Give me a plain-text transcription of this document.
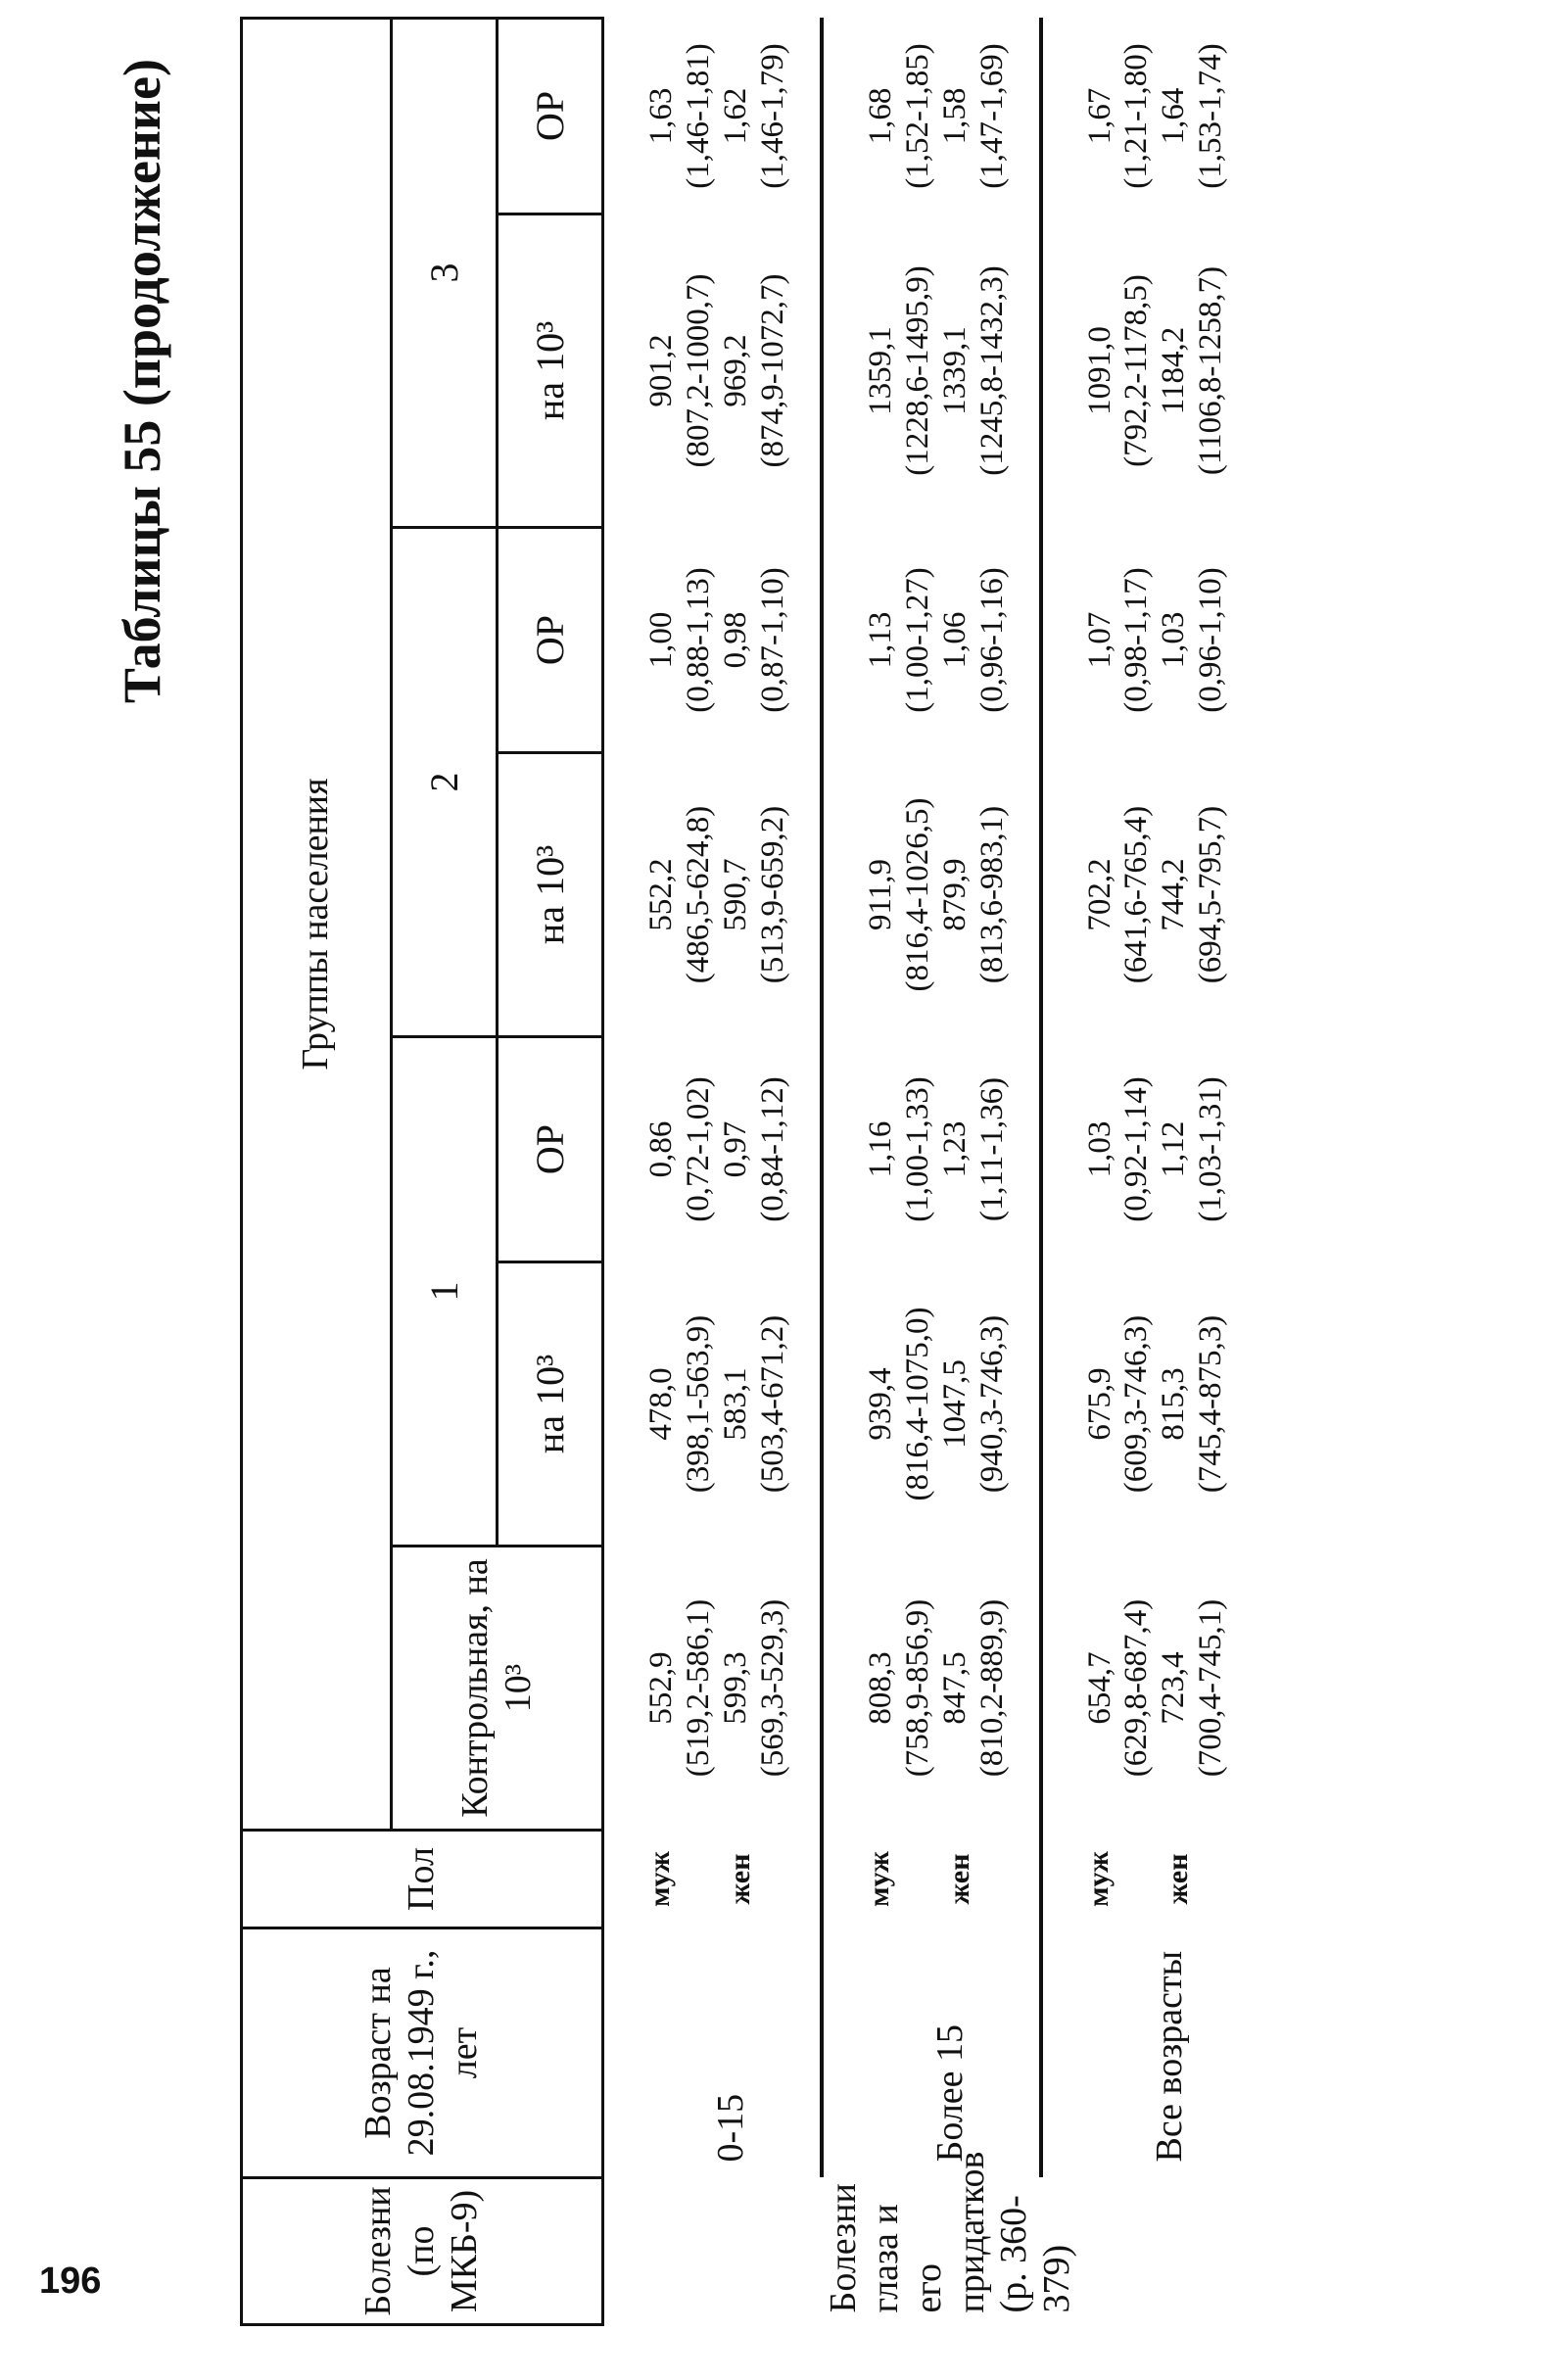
196
Таблицы 55 (продолжение)
Болезни (по МКБ-9)	Возраст на 29.08.1949 г., лет	Пол	Группы населения						
			Контрольная, на 10³	1		2		3	
				на 10³	ОР	на 10³	ОР	на 10³	ОР
Болезни глаза и его придатков (р. 360-379)	0-15	муж	552,9 (519,2-586,1)	478,0 (398,1-563,9)	0,86 (0,72-1,02)	552,2 (486,5-624,8)	1,00 (0,88-1,13)	901,2 (807,2-1000,7)	1,63 (1,46-1,81)

		жен	599,3 (569,3-529,3)	583,1 (503,4-671,2)	0,97 (0,84-1,12)	590,7 (513,9-659,2)	0,98 (0,87-1,10)	969,2 (874,9-1072,7)	1,62 (1,46-1,79)

	Более 15	муж	808,3 (758,9-856,9)	939,4 (816,4-1075,0)	1,16 (1,00-1,33)	911,9 (816,4-1026,5)	1,13 (1,00-1,27)	1359,1 (1228,6-1495,9)	1,68 (1,52-1,85)

		жен	847,5 (810,2-889,9)	1047,5 (940,3-746,3)	1,23 (1,11-1,36)	879,9 (813,6-983,1)	1,06 (0,96-1,16)	1339,1 (1245,8-1432,3)	1,58 (1,47-1,69)

	Все возрасты	муж	654,7 (629,8-687,4)	675,9 (609,3-746,3)	1,03 (0,92-1,14)	702,2 (641,6-765,4)	1,07 (0,98-1,17)	1091,0 (792,2-1178,5)	1,67 (1,21-1,80)

		жен	723,4 (700,4-745,1)	815,3 (745,4-875,3)	1,12 (1,03-1,31)	744,2 (694,5-795,7)	1,03 (0,96-1,10)	1184,2 (1106,8-1258,7)	1,64 (1,53-1,74)
